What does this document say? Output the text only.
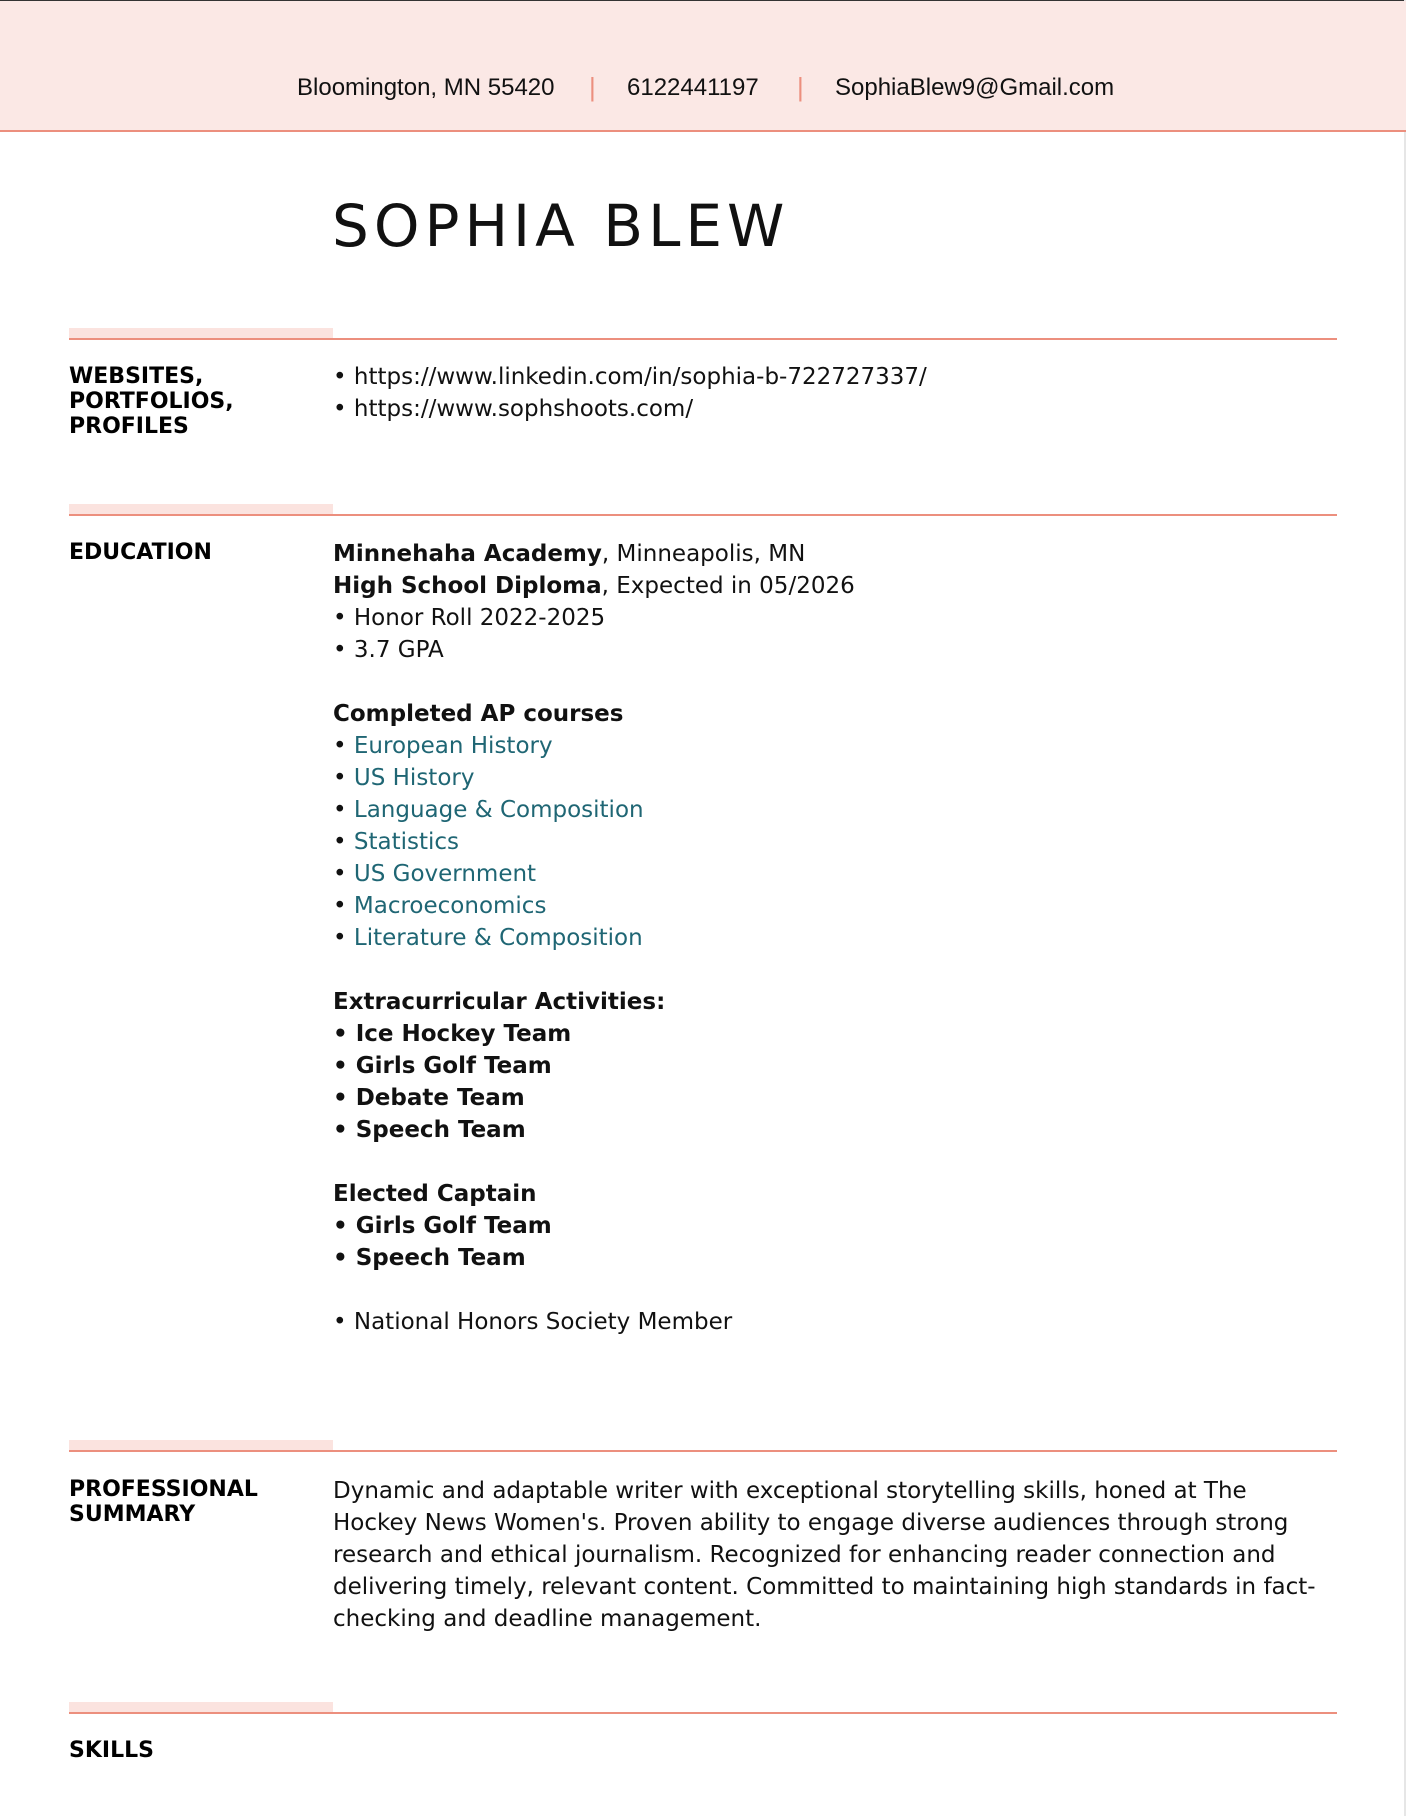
Bloomington, MN 55420 | 6122441197 | SophiaBlew9@Gmail.com
SOPHIA BLEW
WEBSITES, PORTFOLIOS, PROFILES
• https://www.linkedin.com/in/sophia-b-722727337/
• https://www.sophshoots.com/
EDUCATION	Minnehaha Academy, Minneapolis, MN
High School Diploma, Expected in 05/2026
• Honor Roll 2022-2025
• 3.7 GPA
Completed AP courses
• European History
• US History
• Language & Composition
• Statistics
• US Government
• Macroeconomics
• Literature & Composition
Extracurricular Activities:
• Ice Hockey Team
• Girls Golf Team
• Debate Team
• Speech Team
Elected Captain
• Girls Golf Team
• Speech Team
• National Honors Society Member
PROFESSIONAL SUMMARY
Dynamic and adaptable writer with exceptional storytelling skills, honed at The Hockey News Women's. Proven ability to engage diverse audiences through strong research and ethical journalism. Recognized for enhancing reader connection and delivering timely, relevant content. Committed to maintaining high standards in fact-checking and deadline management.
SKILLS
